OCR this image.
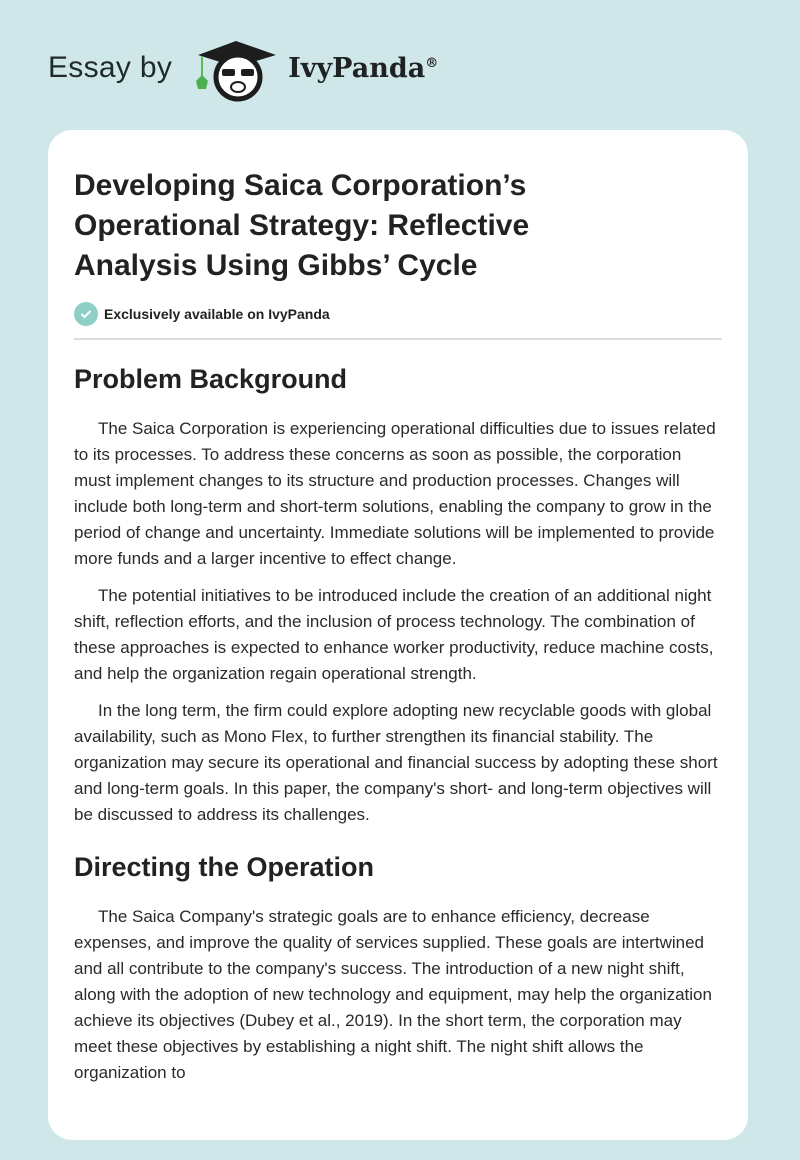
Essay by	IvyPanda®
Developing Saica Corporation’s Operational Strategy: Reflective Analysis Using Gibbs’ Cycle
Exclusively available on IvyPanda
Problem Background

The Saica Corporation is experiencing operational difficulties due to issues related to its processes. To address these concerns as soon as possible, the corporation must implement changes to its structure and production processes. Changes will include both long-term and short-term solutions, enabling the company to grow in the period of change and uncertainty. Immediate solutions will be implemented to provide more funds and a larger incentive to effect change.

The potential initiatives to be introduced include the creation of an additional night shift, reflection efforts, and the inclusion of process technology. The combination of these approaches is expected to enhance worker productivity, reduce machine costs, and help the organization regain operational strength.

In the long term, the firm could explore adopting new recyclable goods with global availability, such as Mono Flex, to further strengthen its financial stability. The organization may secure its operational and financial success by adopting these short and long-term goals. In this paper, the company's short- and long-term objectives will be discussed to address its challenges.

Directing the Operation

The Saica Company's strategic goals are to enhance efficiency, decrease expenses, and improve the quality of services supplied. These goals are intertwined and all contribute to the company's success. The introduction of a new night shift, along with the adoption of new technology and equipment, may help the organization achieve its objectives (Dubey et al., 2019). In the short term, the corporation may meet these objectives by establishing a night shift. The night shift allows the organization to
